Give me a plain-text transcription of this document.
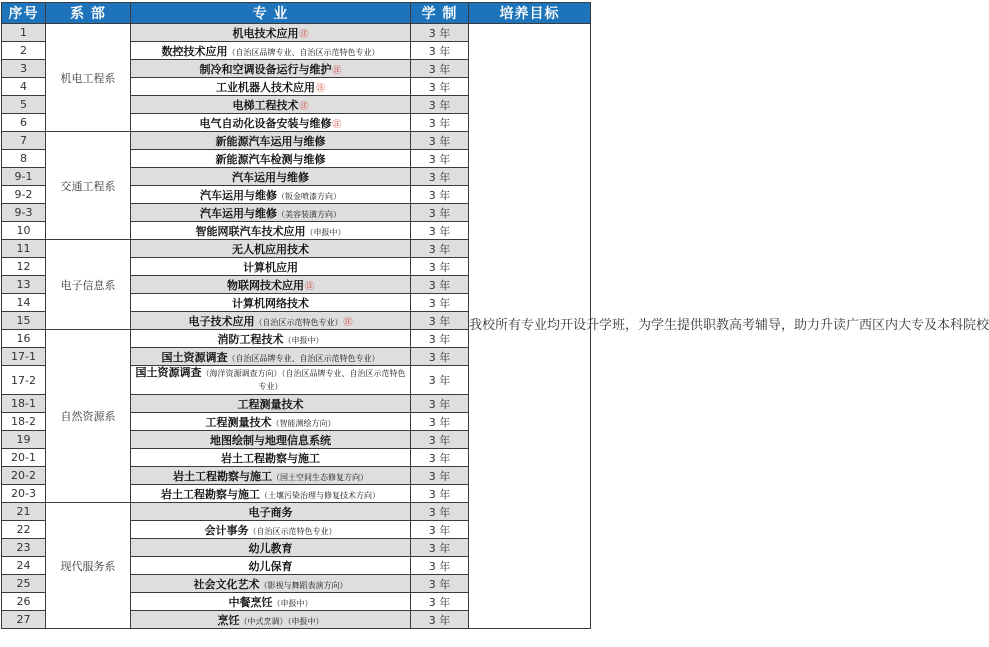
序号	系 部	专 业	学 制	培养目标
1	机电工程系	机电技术应用㊟	3 年	我校所有专业均开设升学班，为学生提供职教高考辅导，助力升读广西区内大专及本科院校
2		数控技术应用（自治区品牌专业、自治区示范特色专业）	3 年	
3		制冷和空调设备运行与维护㊟	3 年	
4		工业机器人技术应用㊟	3 年	
5		电梯工程技术㊟	3 年	
6		电气自动化设备安装与维修㊟	3 年	
7	交通工程系	新能源汽车运用与维修	3 年	
8		新能源汽车检测与维修	3 年	
9-1		汽车运用与维修	3 年	
9-2		汽车运用与维修（钣金喷漆方向）	3 年	
9-3		汽车运用与维修（美容装潢方向）	3 年	
10		智能网联汽车技术应用（申报中）	3 年	
11	电子信息系	无人机应用技术	3 年	
12		计算机应用	3 年	
13		物联网技术应用㊟	3 年	
14		计算机网络技术	3 年	
15		电子技术应用（自治区示范特色专业）㊟	3 年	
16	自然资源系	消防工程技术（申报中）	3 年	
17-1		国土资源调查（自治区品牌专业、自治区示范特色专业）	3 年	
17-2		国土资源调查（海洋资源调查方向）（自治区品牌专业、自治区示范特色专业）	3 年	
18-1		工程测量技术	3 年	
18-2		工程测量技术（智能测绘方向）	3 年	
19		地图绘制与地理信息系统	3 年	
20-1		岩土工程勘察与施工	3 年	
20-2		岩土工程勘察与施工（国土空间生态修复方向）	3 年	
20-3		岩土工程勘察与施工（土壤污染治理与修复技术方向）	3 年	
21	现代服务系	电子商务	3 年	
22		会计事务（自治区示范特色专业）	3 年	
23		幼儿教育	3 年	
24		幼儿保育	3 年	
25		社会文化艺术（影视与舞蹈表演方向）	3 年	
26		中餐烹饪（申报中）	3 年	
27		烹饪（中式烹调）（申报中）	3 年	
